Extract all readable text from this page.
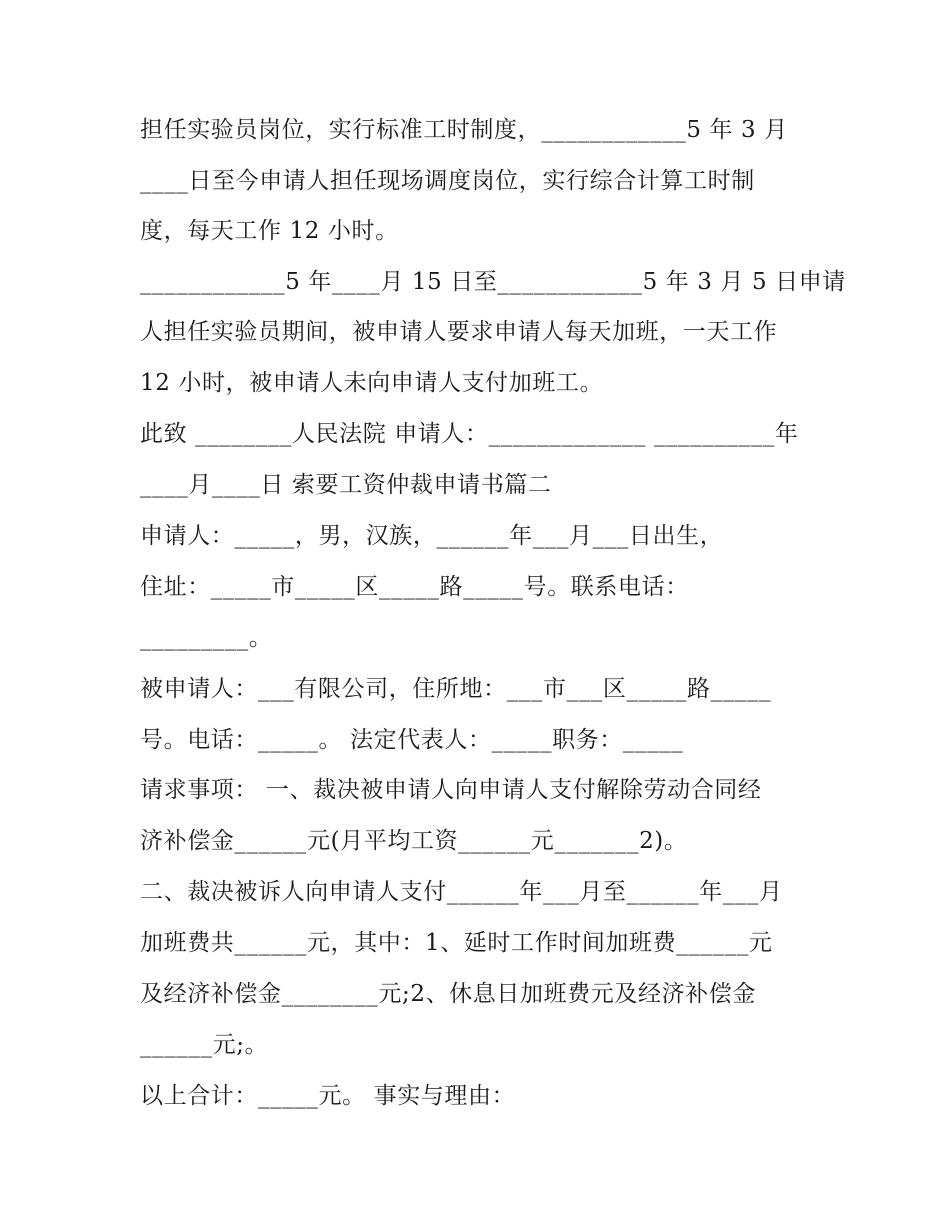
担任实验员岗位，实行标准工时制度，____________5 年 3 月
____日至今申请人担任现场调度岗位，实行综合计算工时制
度，每天工作 12 小时。
____________5 年____月 15 日至____________5 年 3 月 5 日申请
人担任实验员期间，被申请人要求申请人每天加班，一天工作
12 小时，被申请人未向申请人支付加班工。
此致 ________人民法院 申请人：_____________ __________年
____月____日 索要工资仲裁申请书篇二
申请人：_____，男，汉族，______年___月___日出生，
住址：_____市_____区_____路_____号。联系电话：
_________。
被申请人：___有限公司，住所地：___市___区_____路_____
号。电话：_____。 法定代表人：_____职务：_____
请求事项： 一、裁决被申请人向申请人支付解除劳动合同经
济补偿金______元(月平均工资______元_______2)。
二、裁决被诉人向申请人支付______年___月至______年___月
加班费共______元，其中：1、延时工作时间加班费______元
及经济补偿金________元;2、休息日加班费元及经济补偿金
______元;。
以上合计：_____元。 事实与理由：
